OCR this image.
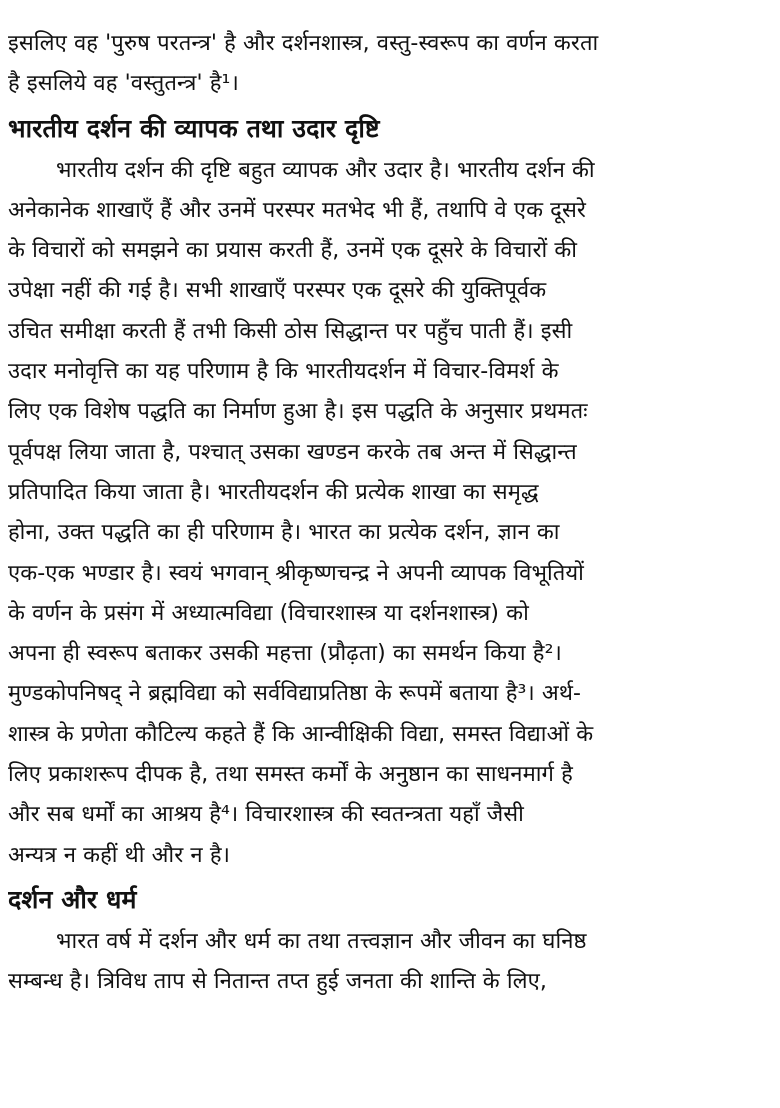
इसलिए वह 'पुरुष परतन्त्र' है और दर्शनशास्त्र, वस्तु-स्वरूप का वर्णन करता
है इसलिये वह 'वस्तुतन्त्र' है¹।
भारतीय दर्शन की व्यापक तथा उदार दृष्टि
भारतीय दर्शन की दृष्टि बहुत व्यापक और उदार है। भारतीय दर्शन की
अनेकानेक शाखाएँ हैं और उनमें परस्पर मतभेद भी हैं, तथापि वे एक दूसरे
के विचारों को समझने का प्रयास करती हैं, उनमें एक दूसरे के विचारों की
उपेक्षा नहीं की गई है। सभी शाखाएँ परस्पर एक दूसरे की युक्तिपूर्वक
उचित समीक्षा करती हैं तभी किसी ठोस सिद्धान्त पर पहुँच पाती हैं। इसी
उदार मनोवृत्ति का यह परिणाम है कि भारतीयदर्शन में विचार-विमर्श के
लिए एक विशेष पद्धति का निर्माण हुआ है। इस पद्धति के अनुसार प्रथमतः
पूर्वपक्ष लिया जाता है, पश्चात् उसका खण्डन करके तब अन्त में सिद्धान्त
प्रतिपादित किया जाता है। भारतीयदर्शन की प्रत्येक शाखा का समृद्ध
होना, उक्त पद्धति का ही परिणाम है। भारत का प्रत्येक दर्शन, ज्ञान का
एक-एक भण्डार है। स्वयं भगवान् श्रीकृष्णचन्द्र ने अपनी व्यापक विभूतियों
के वर्णन के प्रसंग में अध्यात्मविद्या (विचारशास्त्र या दर्शनशास्त्र) को
अपना ही स्वरूप बताकर उसकी महत्ता (प्रौढ़ता) का समर्थन किया है²।
मुण्डकोपनिषद् ने ब्रह्मविद्या को सर्वविद्याप्रतिष्ठा के रूपमें बताया है³। अर्थ-
शास्त्र के प्रणेता कौटिल्य कहते हैं कि आन्वीक्षिकी विद्या, समस्त विद्याओं के
लिए प्रकाशरूप दीपक है, तथा समस्त कर्मों के अनुष्ठान का साधनमार्ग है
और सब धर्मों का आश्रय है⁴। विचारशास्त्र की स्वतन्त्रता यहाँ जैसी
अन्यत्र न कहीं थी और न है।
दर्शन और धर्म
भारत वर्ष में दर्शन और धर्म का तथा तत्त्वज्ञान और जीवन का घनिष्ठ
सम्बन्ध है। त्रिविध ताप से नितान्त तप्त हुई जनता की शान्ति के लिए,
